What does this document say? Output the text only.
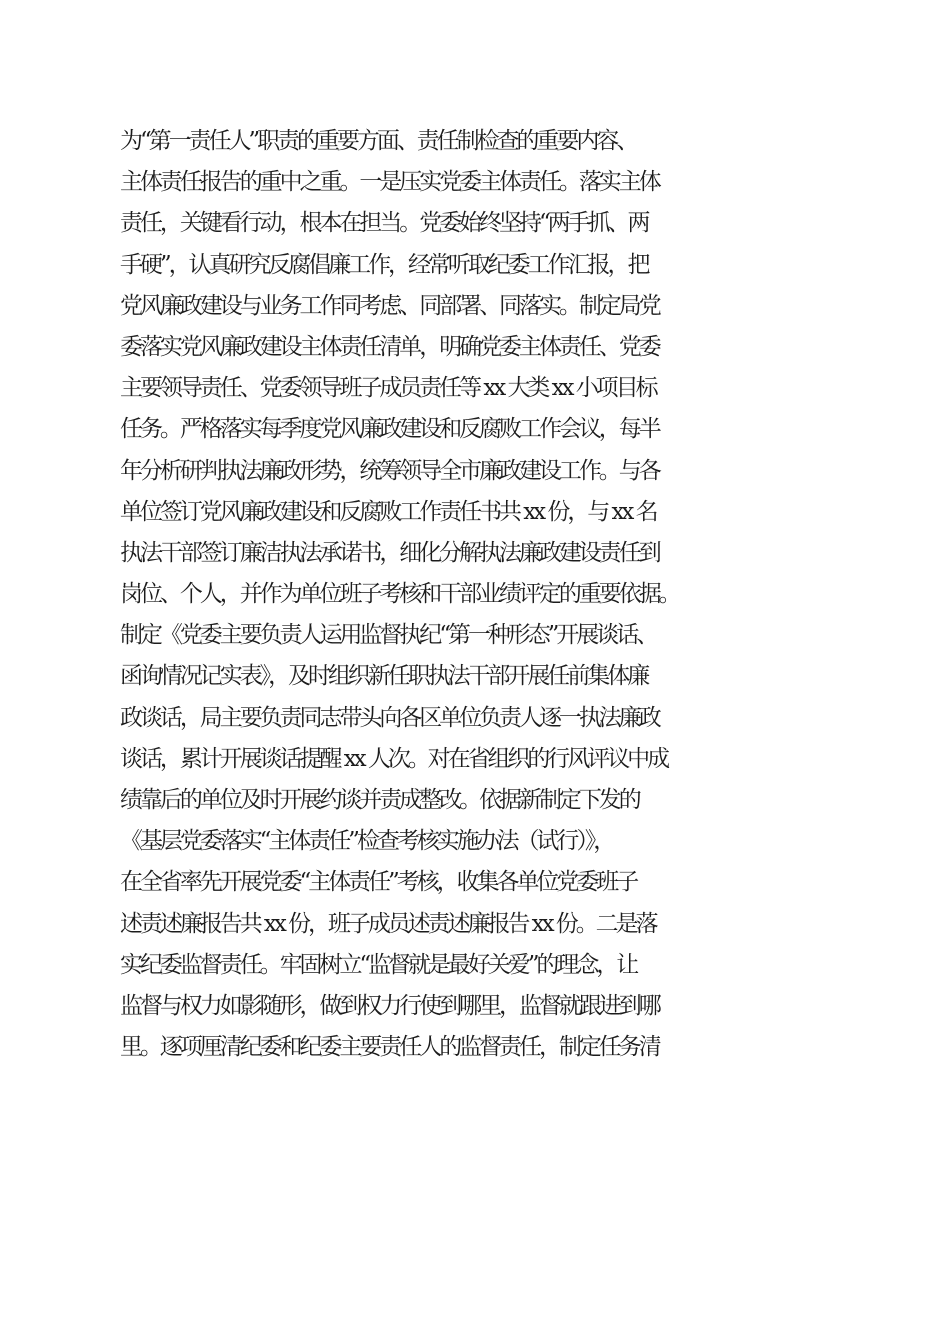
为“第一责任人”职责的重要方面、责任制检查的重要内容、
主体责任报告的重中之重。一是压实党委主体责任。落实主体
责任，关键看行动，根本在担当。党委始终坚持“两手抓、两
手硬”，认真研究反腐倡廉工作，经常听取纪委工作汇报，把
党风廉政建设与业务工作同考虑、同部署、同落实。制定局党
委落实党风廉政建设主体责任清单，明确党委主体责任、党委
主要领导责任、党委领导班子成员责任等 xx 大类 xx 小项目标
任务。严格落实每季度党风廉政建设和反腐败工作会议，每半
年分析研判执法廉政形势，统筹领导全市廉政建设工作。与各
单位签订党风廉政建设和反腐败工作责任书共 xx 份，与 xx 名
执法干部签订廉洁执法承诺书，细化分解执法廉政建设责任到
岗位、个人，并作为单位班子考核和干部业绩评定的重要依据。
制定《党委主要负责人运用监督执纪“第一种形态”开展谈话、
函询情况记实表》，及时组织新任职执法干部开展任前集体廉
政谈话，局主要负责同志带头向各区单位负责人逐一执法廉政
谈话，累计开展谈话提醒 xx 人次。对在省组织的行风评议中成
绩靠后的单位及时开展约谈并责成整改。依据新制定下发的
《基层党委落实“主体责任”检查考核实施办法（试行）》，
在全省率先开展党委“主体责任”考核，收集各单位党委班子
述责述廉报告共 xx 份，班子成员述责述廉报告 xx 份。二是落
实纪委监督责任。牢固树立“监督就是最好关爱”的理念，让
监督与权力如影随形，做到权力行使到哪里，监督就跟进到哪
里。逐项厘清纪委和纪委主要责任人的监督责任，制定任务清
